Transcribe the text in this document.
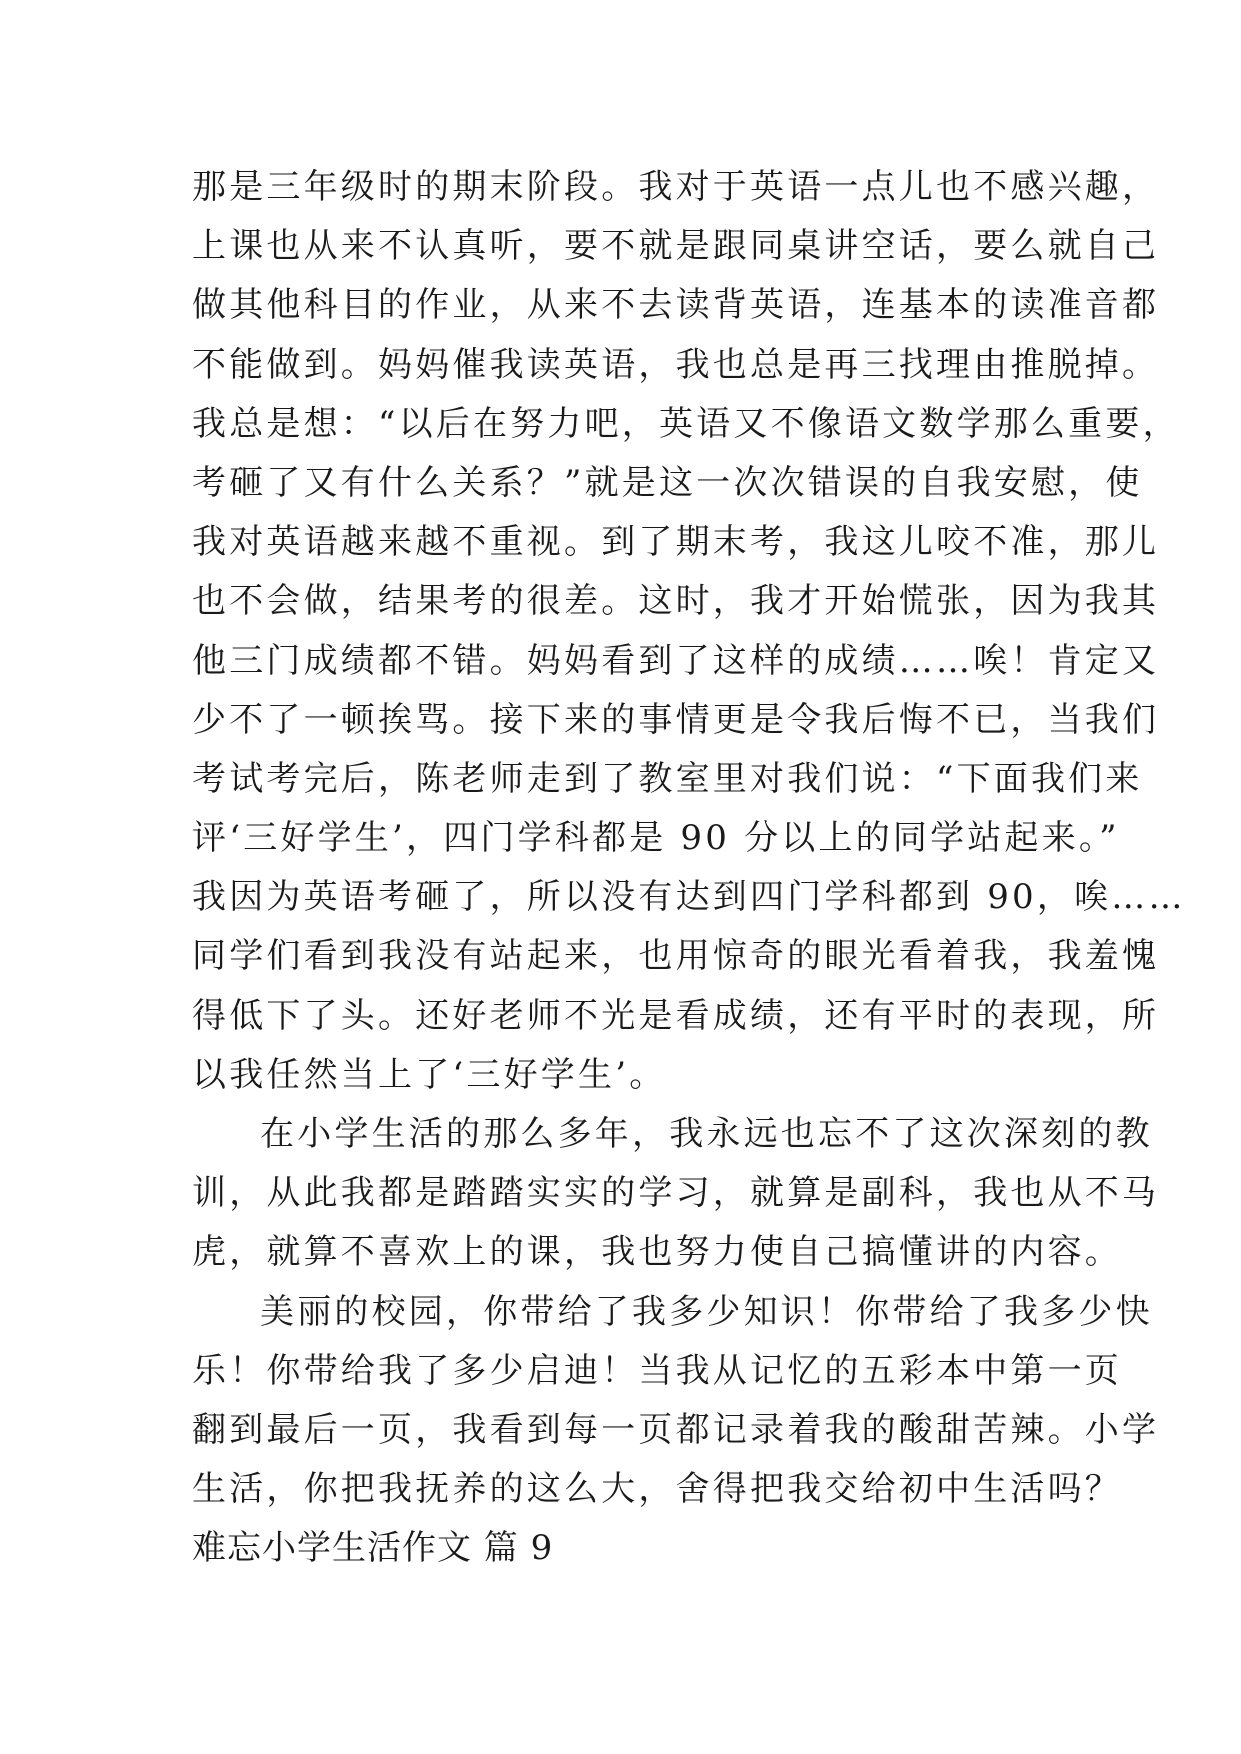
那是三年级时的期末阶段。我对于英语一点儿也不感兴趣，
上课也从来不认真听，要不就是跟同桌讲空话，要么就自己
做其他科目的作业，从来不去读背英语，连基本的读准音都
不能做到。妈妈催我读英语，我也总是再三找理由推脱掉。
我总是想：“以后在努力吧，英语又不像语文数学那么重要，
考砸了又有什么关系？”就是这一次次错误的自我安慰，使
我对英语越来越不重视。到了期末考，我这儿咬不准，那儿
也不会做，结果考的很差。这时，我才开始慌张，因为我其
他三门成绩都不错。妈妈看到了这样的成绩……唉！肯定又
少不了一顿挨骂。接下来的事情更是令我后悔不已，当我们
考试考完后，陈老师走到了教室里对我们说：“下面我们来
评‘三好学生’，四门学科都是 90 分以上的同学站起来。”
我因为英语考砸了，所以没有达到四门学科都到 90，唉……
同学们看到我没有站起来，也用惊奇的眼光看着我，我羞愧
得低下了头。还好老师不光是看成绩，还有平时的表现，所
以我任然当上了‘三好学生’。
在小学生活的那么多年，我永远也忘不了这次深刻的教
训，从此我都是踏踏实实的学习，就算是副科，我也从不马
虎，就算不喜欢上的课，我也努力使自己搞懂讲的内容。
美丽的校园，你带给了我多少知识！你带给了我多少快
乐！你带给我了多少启迪！当我从记忆的五彩本中第一页
翻到最后一页，我看到每一页都记录着我的酸甜苦辣。小学
生活，你把我抚养的这么大，舍得把我交给初中生活吗？
难忘小学生活作文 篇 9
